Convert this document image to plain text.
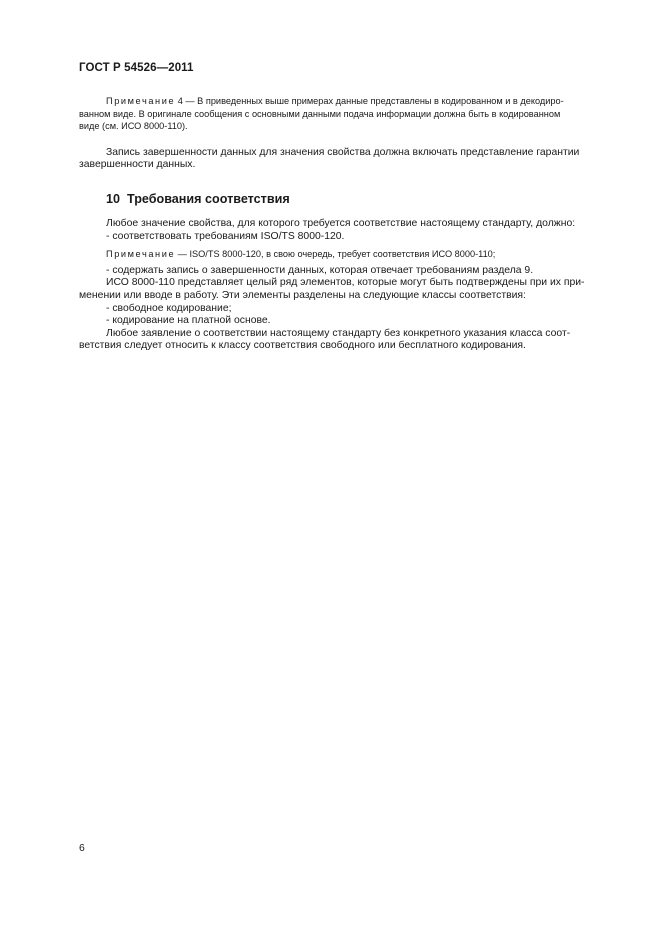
ГОСТ Р 54526—2011
Примечание 4 — В приведенных выше примерах данные представлены в кодированном и в декодиро-
ванном виде. В оригинале сообщения с основными данными подача информации должна быть в кодированном
виде (см. ИСО 8000-110).
Запись завершенности данных для значения свойства должна включать представление гарантии
завершенности данных.
10 Требования соответствия
Любое значение свойства, для которого требуется соответствие настоящему стандарту, должно:
- соответствовать требованиям ISO/TS 8000-120.
Примечание — ISO/TS 8000-120, в свою очередь, требует соответствия ИСО 8000-110;
- содержать запись о завершенности данных, которая отвечает требованиям раздела 9.
ИСО 8000-110 представляет целый ряд элементов, которые могут быть подтверждены при их при-
менении или вводе в работу. Эти элементы разделены на следующие классы соответствия:
- свободное кодирование;
- кодирование на платной основе.
Любое заявление о соответствии настоящему стандарту без конкретного указания класса соот-
ветствия следует относить к классу соответствия свободного или бесплатного кодирования.
6
